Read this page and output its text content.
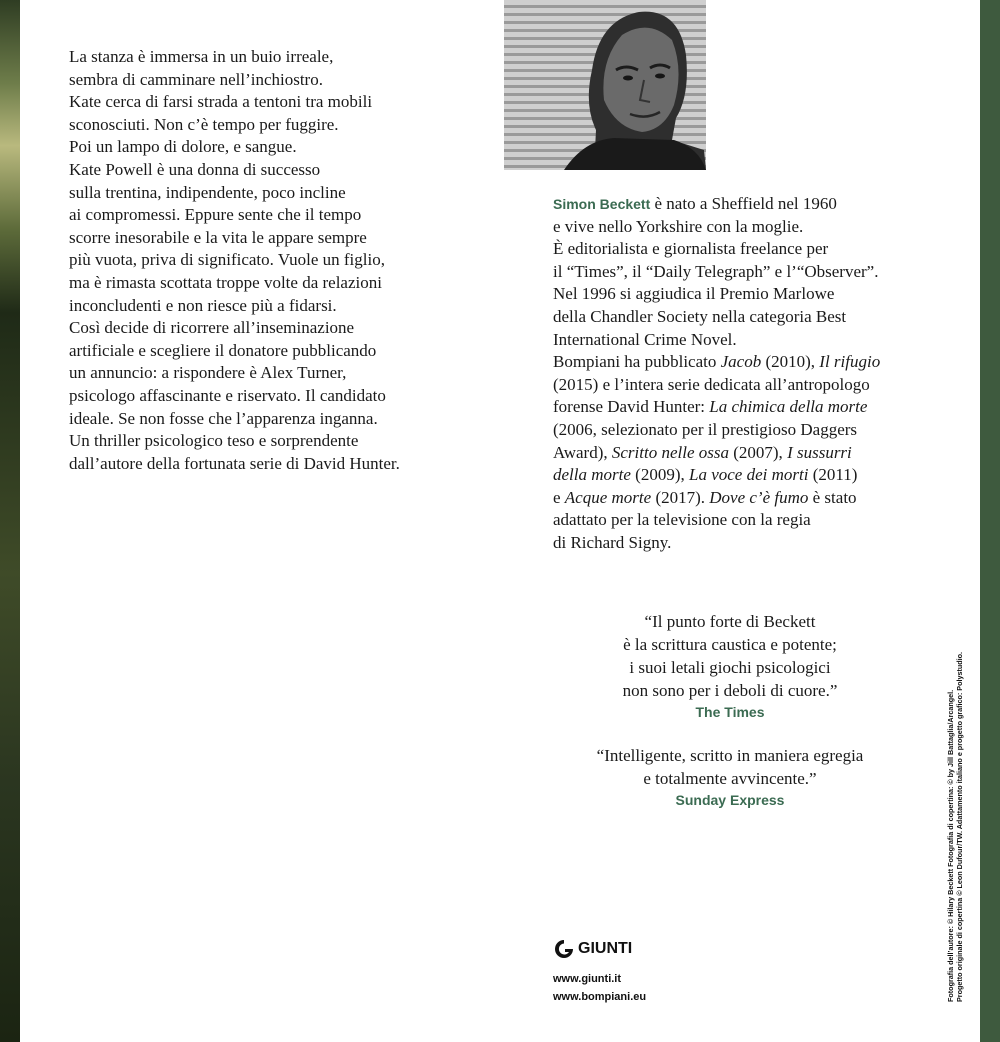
La stanza è immersa in un buio irreale,
sembra di camminare nell’inchiostro.
Kate cerca di farsi strada a tentoni tra mobili
sconosciuti. Non c’è tempo per fuggire.
Poi un lampo di dolore, e sangue.
Kate Powell è una donna di successo
sulla trentina, indipendente, poco incline
ai compromessi. Eppure sente che il tempo
scorre inesorabile e la vita le appare sempre
più vuota, priva di significato. Vuole un figlio,
ma è rimasta scottata troppe volte da relazioni
inconcludenti e non riesce più a fidarsi.
Così decide di ricorrere all’inseminazione
artificiale e scegliere il donatore pubblicando
un annuncio: a rispondere è Alex Turner,
psicologo affascinante e riservato. Il candidato
ideale. Se non fosse che l’apparenza inganna.
Un thriller psicologico teso e sorprendente
dall’autore della fortunata serie di David Hunter.
Simon Beckett è nato a Sheffield nel 1960
e vive nello Yorkshire con la moglie.
È editorialista e giornalista freelance per
il “Times”, il “Daily Telegraph” e l’“Observer”.
Nel 1996 si aggiudica il Premio Marlowe
della Chandler Society nella categoria Best
International Crime Novel.
Bompiani ha pubblicato Jacob (2010), Il rifugio
(2015) e l’intera serie dedicata all’antropologo
forense David Hunter: La chimica della morte
(2006, selezionato per il prestigioso Daggers
Award), Scritto nelle ossa (2007), I sussurri
della morte (2009), La voce dei morti (2011)
e Acque morte (2017). Dove c’è fumo è stato
adattato per la televisione con la regia
di Richard Signy.
“Il punto forte di Beckett
è la scrittura caustica e potente;
i suoi letali giochi psicologici
non sono per i deboli di cuore.”
The Times
“Intelligente, scritto in maniera egregia
e totalmente avvincente.”
Sunday Express
GIUNTI
www.giunti.it
www.bompiani.eu	Fotografia dell’autore: © Hilary Beckett Fotografia di copertina: © by Jill Battaglia/Arcangel. Progetto originale di copertina © Leon Dufour/TW. Adattamento italiano e progetto grafico: Polystudio.
